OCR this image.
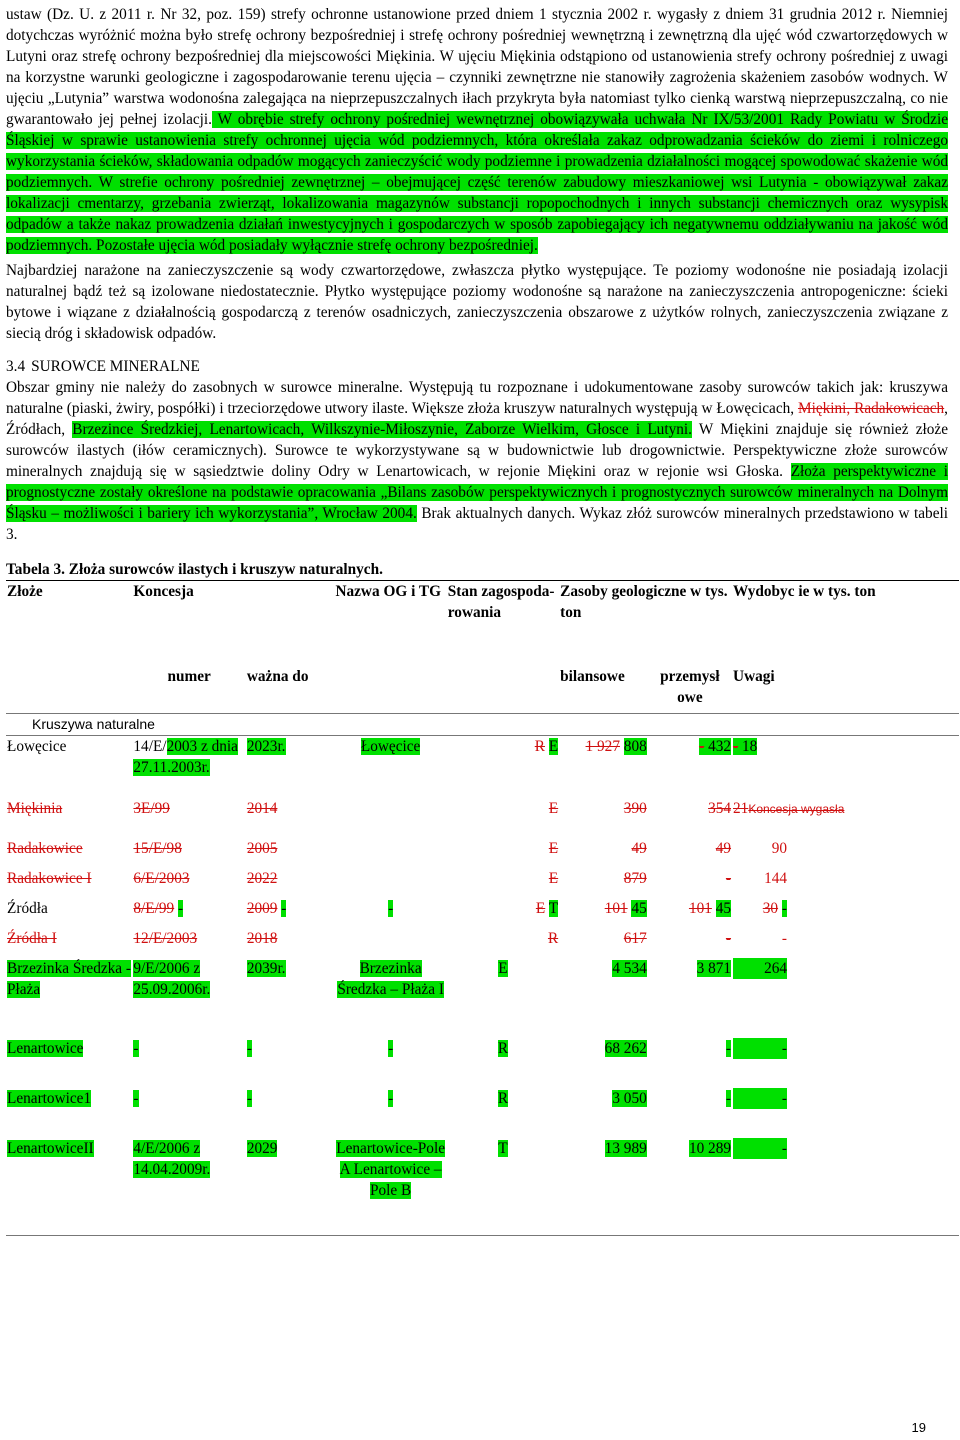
ustaw (Dz. U. z 2011 r. Nr 32, poz. 159) strefy ochronne ustanowione przed dniem 1 stycznia 2002 r. wygasły z dniem 31 grudnia 2012 r. Niemniej dotychczas wyróżnić można było strefę ochrony bezpośredniej i strefę ochrony pośredniej wewnętrzną i zewnętrzną dla ujęć wód czwartorzędowych w Lutyni oraz strefę ochrony bezpośredniej dla miejscowości Miękinia. W ujęciu Miękinia odstąpiono od ustanowienia strefy ochrony pośredniej z uwagi na korzystne warunki geologiczne i zagospodarowanie terenu ujęcia – czynniki zewnętrzne nie stanowiły zagrożenia skażeniem zasobów wodnych. W ujęciu „Lutynia” warstwa wodonośna zalegająca na nieprzepuszczalnych iłach przykryta była natomiast tylko cienką warstwą nieprzepuszczalną, co nie gwarantowało jej pełnej izolacji. W obrębie strefy ochrony pośredniej wewnętrznej obowiązywała uchwała Nr IX/53/2001 Rady Powiatu w Środzie Śląskiej w sprawie ustanowienia strefy ochronnej ujęcia wód podziemnych, która określała zakaz odprowadzania ścieków do ziemi i rolniczego wykorzystania ścieków, składowania odpadów mogących zanieczyścić wody podziemne i prowadzenia działalności mogącej spowodować skażenie wód podziemnych. W strefie ochrony pośredniej zewnętrznej – obejmującej część terenów zabudowy mieszkaniowej wsi Lutynia - obowiązywał zakaz lokalizacji cmentarzy, grzebania zwierząt, lokalizowania magazynów substancji ropopochodnych i innych substancji chemicznych oraz wysypisk odpadów a także nakaz prowadzenia działań inwestycyjnych i gospodarczych w sposób zapobiegający ich negatywnemu oddziaływaniu na jakość wód podziemnych. Pozostałe ujęcia wód posiadały wyłącznie strefę ochrony bezpośredniej.

Najbardziej narażone na zanieczyszczenie są wody czwartorzędowe, zwłaszcza płytko występujące. Te poziomy wodonośne nie posiadają izolacji naturalnej bądź też są izolowane niedostatecznie. Płytko występujące poziomy wodonośne są narażone na zanieczyszczenia antropogeniczne: ścieki bytowe i wiązane z działalnością gospodarczą z terenów osadniczych, zanieczyszczenia obszarowe z użytków rolnych, zanieczyszczenia związane z siecią dróg i składowisk odpadów.

3.4 SUROWCE MINERALNE

Obszar gminy nie należy do zasobnych w surowce mineralne. Występują tu rozpoznane i udokumentowane zasoby surowców takich jak: kruszywa naturalne (piaski, żwiry, pospółki) i trzeciorzędowe utwory ilaste. Większe złoża kruszyw naturalnych występują w Łowęcicach, Miękini, Radakowicach, Źródłach, Brzezince Średzkiej, Lenartowicach, Wilkszynie-Miłoszynie, Zaborze Wielkim, Głosce i Lutyni. W Miękini znajduje się również złoże surowców ilastych (iłów ceramicznych). Surowce te wykorzystywane są w budownictwie lub drogownictwie. Perspektywiczne złoże surowców mineralnych znajdują się w sąsiedztwie doliny Odry w Lenartowicach, w rejonie Miękini oraz w rejonie wsi Głoska. Złoża perspektywiczne i prognostyczne zostały określone na podstawie opracowania „Bilans zasobów perspektywicznych i prognostycznych surowców mineralnych na Dolnym Śląsku – możliwości i bariery ich wykorzystania”, Wrocław 2004. Brak aktualnych danych. Wykaz złóż surowców mineralnych przedstawiono w tabeli 3.

Tabela 3. Złoża surowców ilastych i kruszyw naturalnych.
Złoże	Koncesja		Nazwa OG i TG	Stan zagospoda-rowania	Zasoby geologiczne w tys. ton		Wydobyc ie w tys. ton
	numer	ważna do			bilansowe	przemysł owe	Uwagi
Kruszywa naturalne							
Łowęcice	14/E/2003 z dnia 27.11.2003r.	2023r.	Łowęcice	R E	1 927 808	- 432	- 18
Miękinia	3E/99	2014		E	390	354	21Koncesja wygasła
Radakowice	15/E/98	2005		E	49	49	90
Radakowice I	6/E/2003	2022		E	879	-	144
Źródła	8/E/99 -	2009 -	-	E T	101 45	101 45	30 -
Źródła I	12/E/2003	2018		R	617	-	-
Brzezinka Średzka - Płaża	9/E/2006 z 25.09.2006r.	2039r.	Brzezinka Średzka – Płaża I	E	4 534	3 871	264
Lenartowice	-	-	-	R	68 262	-	-
Lenartowice1	-	-	-	R	3 050	-	-
LenartowiceII	4/E/2006 z 14.04.2009r.	2029	Lenartowice-Pole A Lenartowice – Pole B	T	13 989	10 289	-
19
